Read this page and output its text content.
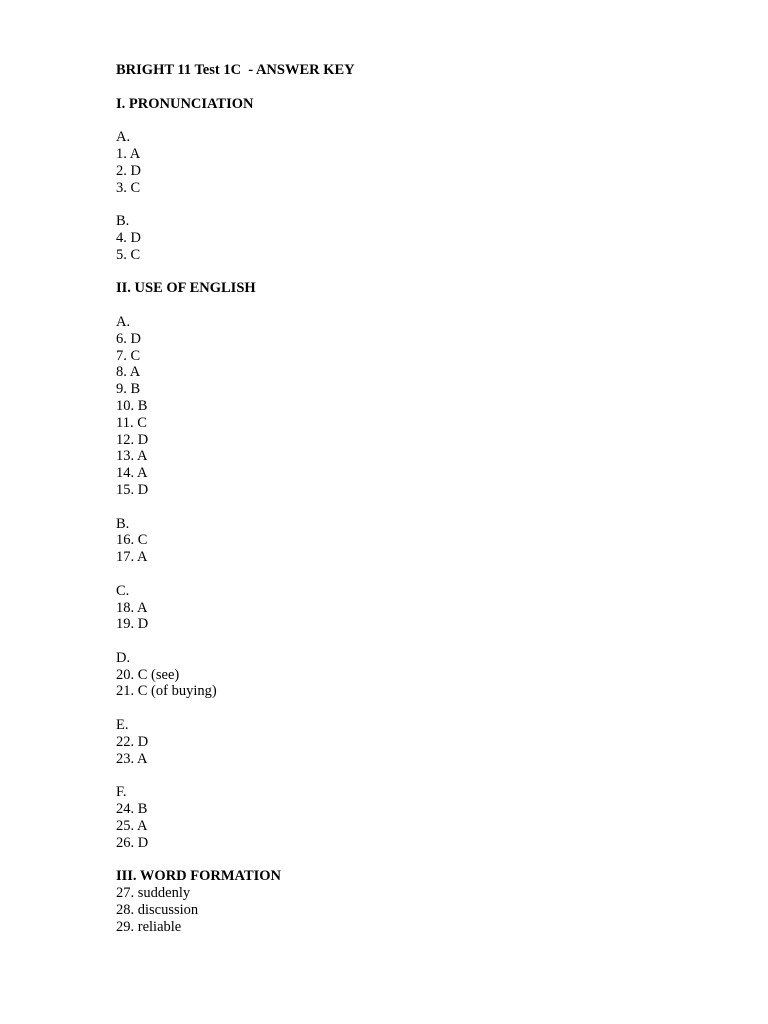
BRIGHT 11 Test 1C  - ANSWER KEY
I. PRONUNCIATION
A.
1. A
2. D
3. C
B.
4. D
5. C
II. USE OF ENGLISH
A.
6. D
7. C
8. A
9. B
10. B
11. C
12. D
13. A
14. A
15. D
B.
16. C
17. A
C.
18. A
19. D
D.
20. C (see)
21. C (of buying)
E.
22. D
23. A
F.
24. B
25. A
26. D
III. WORD FORMATION
27. suddenly
28. discussion
29. reliable
